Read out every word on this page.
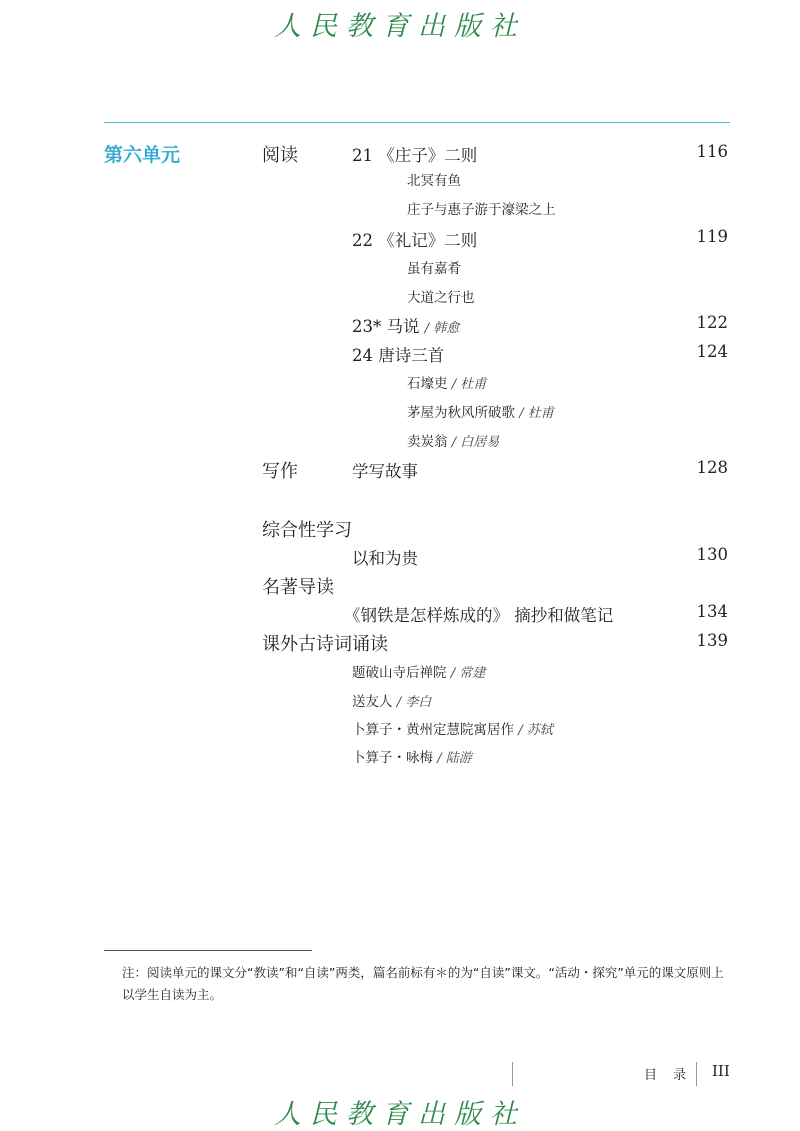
人民教育出版社
第六单元	阅读	21 《庄子》二则	116
北冥有鱼
庄子与惠子游于濠梁之上
22 《礼记》二则	119
虽有嘉肴
大道之行也
23* 马说 / 韩愈	122
24 唐诗三首	124
石壕吏 / 杜甫
茅屋为秋风所破歌 / 杜甫
卖炭翁 / 白居易
写作	学写故事	128
综合性学习
以和为贵	130
名著导读
《钢铁是怎样炼成的》 摘抄和做笔记	134
课外古诗词诵读	139
题破山寺后禅院 / 常建
送友人 / 李白
卜算子・黄州定慧院寓居作 / 苏轼
卜算子・咏梅 / 陆游
注：阅读单元的课文分“教读”和“自读”两类，篇名前标有＊的为“自读”课文。“活动・探究”单元的课文原则上以学生自读为主。
目 录 III
人民教育出版社
